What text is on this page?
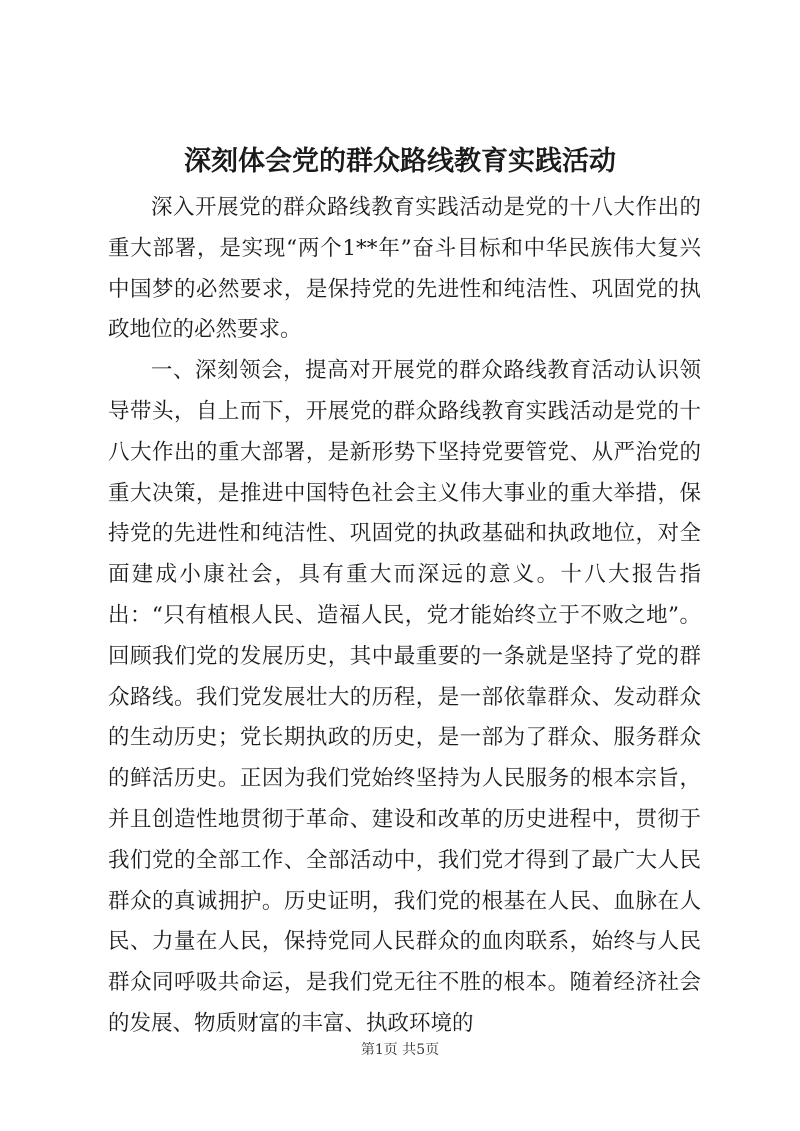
深刻体会党的群众路线教育实践活动

深入开展党的群众路线教育实践活动是党的十八大作出的重大部署，是实现“两个1**年”奋斗目标和中华民族伟大复兴中国梦的必然要求，是保持党的先进性和纯洁性、巩固党的执政地位的必然要求。

一、深刻领会，提高对开展党的群众路线教育活动认识领导带头，自上而下，开展党的群众路线教育实践活动是党的十八大作出的重大部署，是新形势下坚持党要管党、从严治党的重大决策，是推进中国特色社会主义伟大事业的重大举措，保持党的先进性和纯洁性、巩固党的执政基础和执政地位，对全面建成小康社会，具有重大而深远的意义。十八大报告指出：“只有植根人民、造福人民，党才能始终立于不败之地”。回顾我们党的发展历史，其中最重要的一条就是坚持了党的群众路线。我们党发展壮大的历程，是一部依靠群众、发动群众的生动历史；党长期执政的历史，是一部为了群众、服务群众的鲜活历史。正因为我们党始终坚持为人民服务的根本宗旨，并且创造性地贯彻于革命、建设和改革的历史进程中，贯彻于我们党的全部工作、全部活动中，我们党才得到了最广大人民群众的真诚拥护。历史证明，我们党的根基在人民、血脉在人民、力量在人民，保持党同人民群众的血肉联系，始终与人民群众同呼吸共命运，是我们党无往不胜的根本。随着经济社会的发展、物质财富的丰富、执政环境的

第1页 共5页
